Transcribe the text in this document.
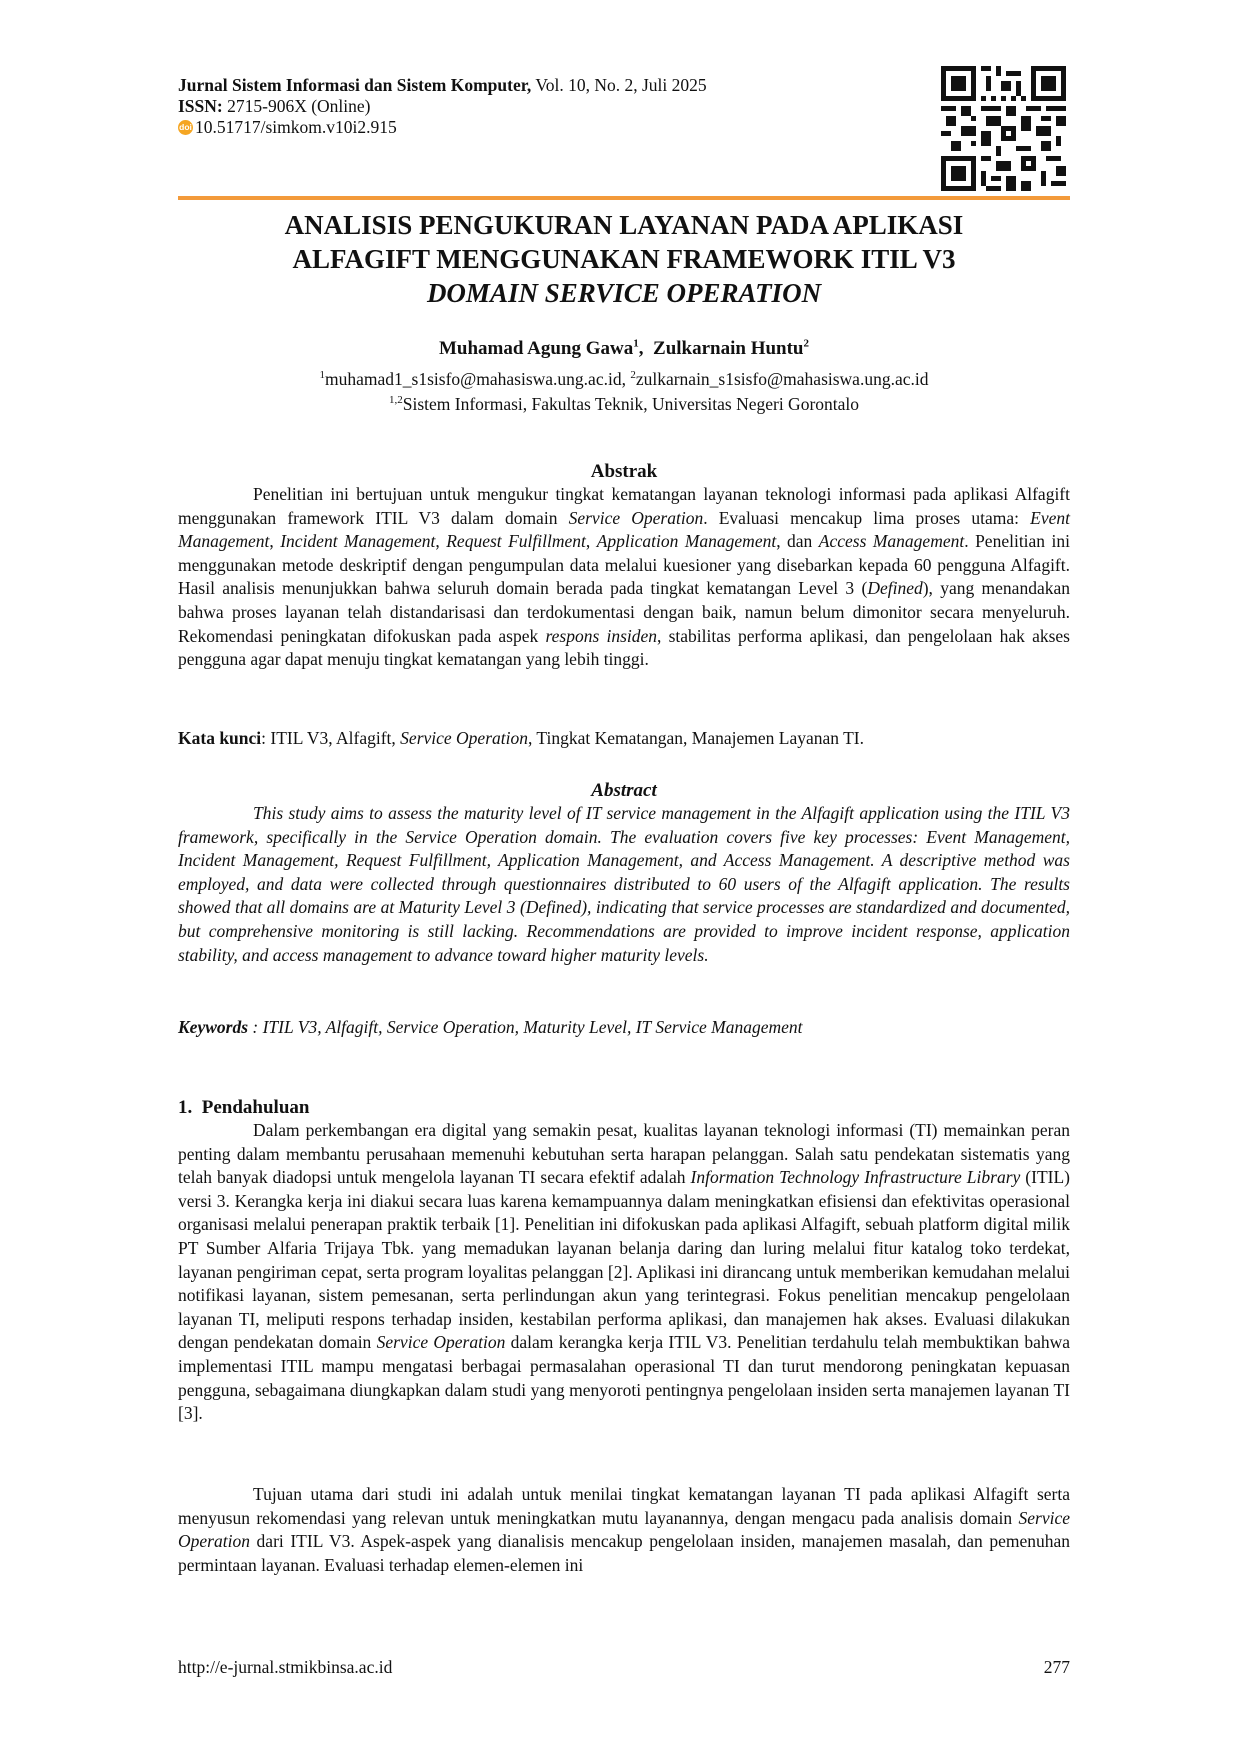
Jurnal Sistem Informasi dan Sistem Komputer, Vol. 10, No. 2, Juli 2025
ISSN: 2715-906X (Online)
doi 10.51717/simkom.v10i2.915
ANALISIS PENGUKURAN LAYANAN PADA APLIKASI
ALFAGIFT MENGGUNAKAN FRAMEWORK ITIL V3
DOMAIN SERVICE OPERATION
Muhamad Agung Gawa$^1$,  Zulkarnain Huntu$^2$
$^1$muhamad1_s1sisfo@mahasiswa.ung.ac.id, $^2$zulkarnain_s1sisfo@mahasiswa.ung.ac.id
$^{1,2}$Sistem Informasi, Fakultas Teknik, Universitas Negeri Gorontalo
Abstrak
Penelitian ini bertujuan untuk mengukur tingkat kematangan layanan teknologi informasi pada aplikasi Alfagift menggunakan framework ITIL V3 dalam domain Service Operation. Evaluasi mencakup lima proses utama: Event Management, Incident Management, Request Fulfillment, Application Management, dan Access Management. Penelitian ini menggunakan metode deskriptif dengan pengumpulan data melalui kuesioner yang disebarkan kepada 60 pengguna Alfagift. Hasil analisis menunjukkan bahwa seluruh domain berada pada tingkat kematangan Level 3 (Defined), yang menandakan bahwa proses layanan telah distandarisasi dan terdokumentasi dengan baik, namun belum dimonitor secara menyeluruh. Rekomendasi peningkatan difokuskan pada aspek respons insiden, stabilitas performa aplikasi, dan pengelolaan hak akses pengguna agar dapat menuju tingkat kematangan yang lebih tinggi.
Kata kunci: ITIL V3, Alfagift, Service Operation, Tingkat Kematangan, Manajemen Layanan TI.
Abstract
This study aims to assess the maturity level of IT service management in the Alfagift application using the ITIL V3 framework, specifically in the Service Operation domain. The evaluation covers five key processes: Event Management, Incident Management, Request Fulfillment, Application Management, and Access Management. A descriptive method was employed, and data were collected through questionnaires distributed to 60 users of the Alfagift application. The results showed that all domains are at Maturity Level 3 (Defined), indicating that service processes are standardized and documented, but comprehensive monitoring is still lacking. Recommendations are provided to improve incident response, application stability, and access management to advance toward higher maturity levels.
Keywords : ITIL V3, Alfagift, Service Operation, Maturity Level, IT Service Management
1.  Pendahuluan
Dalam perkembangan era digital yang semakin pesat, kualitas layanan teknologi informasi (TI) memainkan peran penting dalam membantu perusahaan memenuhi kebutuhan serta harapan pelanggan. Salah satu pendekatan sistematis yang telah banyak diadopsi untuk mengelola layanan TI secara efektif adalah Information Technology Infrastructure Library (ITIL) versi 3. Kerangka kerja ini diakui secara luas karena kemampuannya dalam meningkatkan efisiensi dan efektivitas operasional organisasi melalui penerapan praktik terbaik [1]. Penelitian ini difokuskan pada aplikasi Alfagift, sebuah platform digital milik PT Sumber Alfaria Trijaya Tbk. yang memadukan layanan belanja daring dan luring melalui fitur katalog toko terdekat, layanan pengiriman cepat, serta program loyalitas pelanggan [2]. Aplikasi ini dirancang untuk memberikan kemudahan melalui notifikasi layanan, sistem pemesanan, serta perlindungan akun yang terintegrasi. Fokus penelitian mencakup pengelolaan layanan TI, meliputi respons terhadap insiden, kestabilan performa aplikasi, dan manajemen hak akses. Evaluasi dilakukan dengan pendekatan domain Service Operation dalam kerangka kerja ITIL V3. Penelitian terdahulu telah membuktikan bahwa implementasi ITIL mampu mengatasi berbagai permasalahan operasional TI dan turut mendorong peningkatan kepuasan pengguna, sebagaimana diungkapkan dalam studi yang menyoroti pentingnya pengelolaan insiden serta manajemen layanan TI [3].
Tujuan utama dari studi ini adalah untuk menilai tingkat kematangan layanan TI pada aplikasi Alfagift serta menyusun rekomendasi yang relevan untuk meningkatkan mutu layanannya, dengan mengacu pada analisis domain Service Operation dari ITIL V3. Aspek-aspek yang dianalisis mencakup pengelolaan insiden, manajemen masalah, dan pemenuhan permintaan layanan. Evaluasi terhadap elemen-elemen ini
http://e-jurnal.stmikbinsa.ac.id	277
